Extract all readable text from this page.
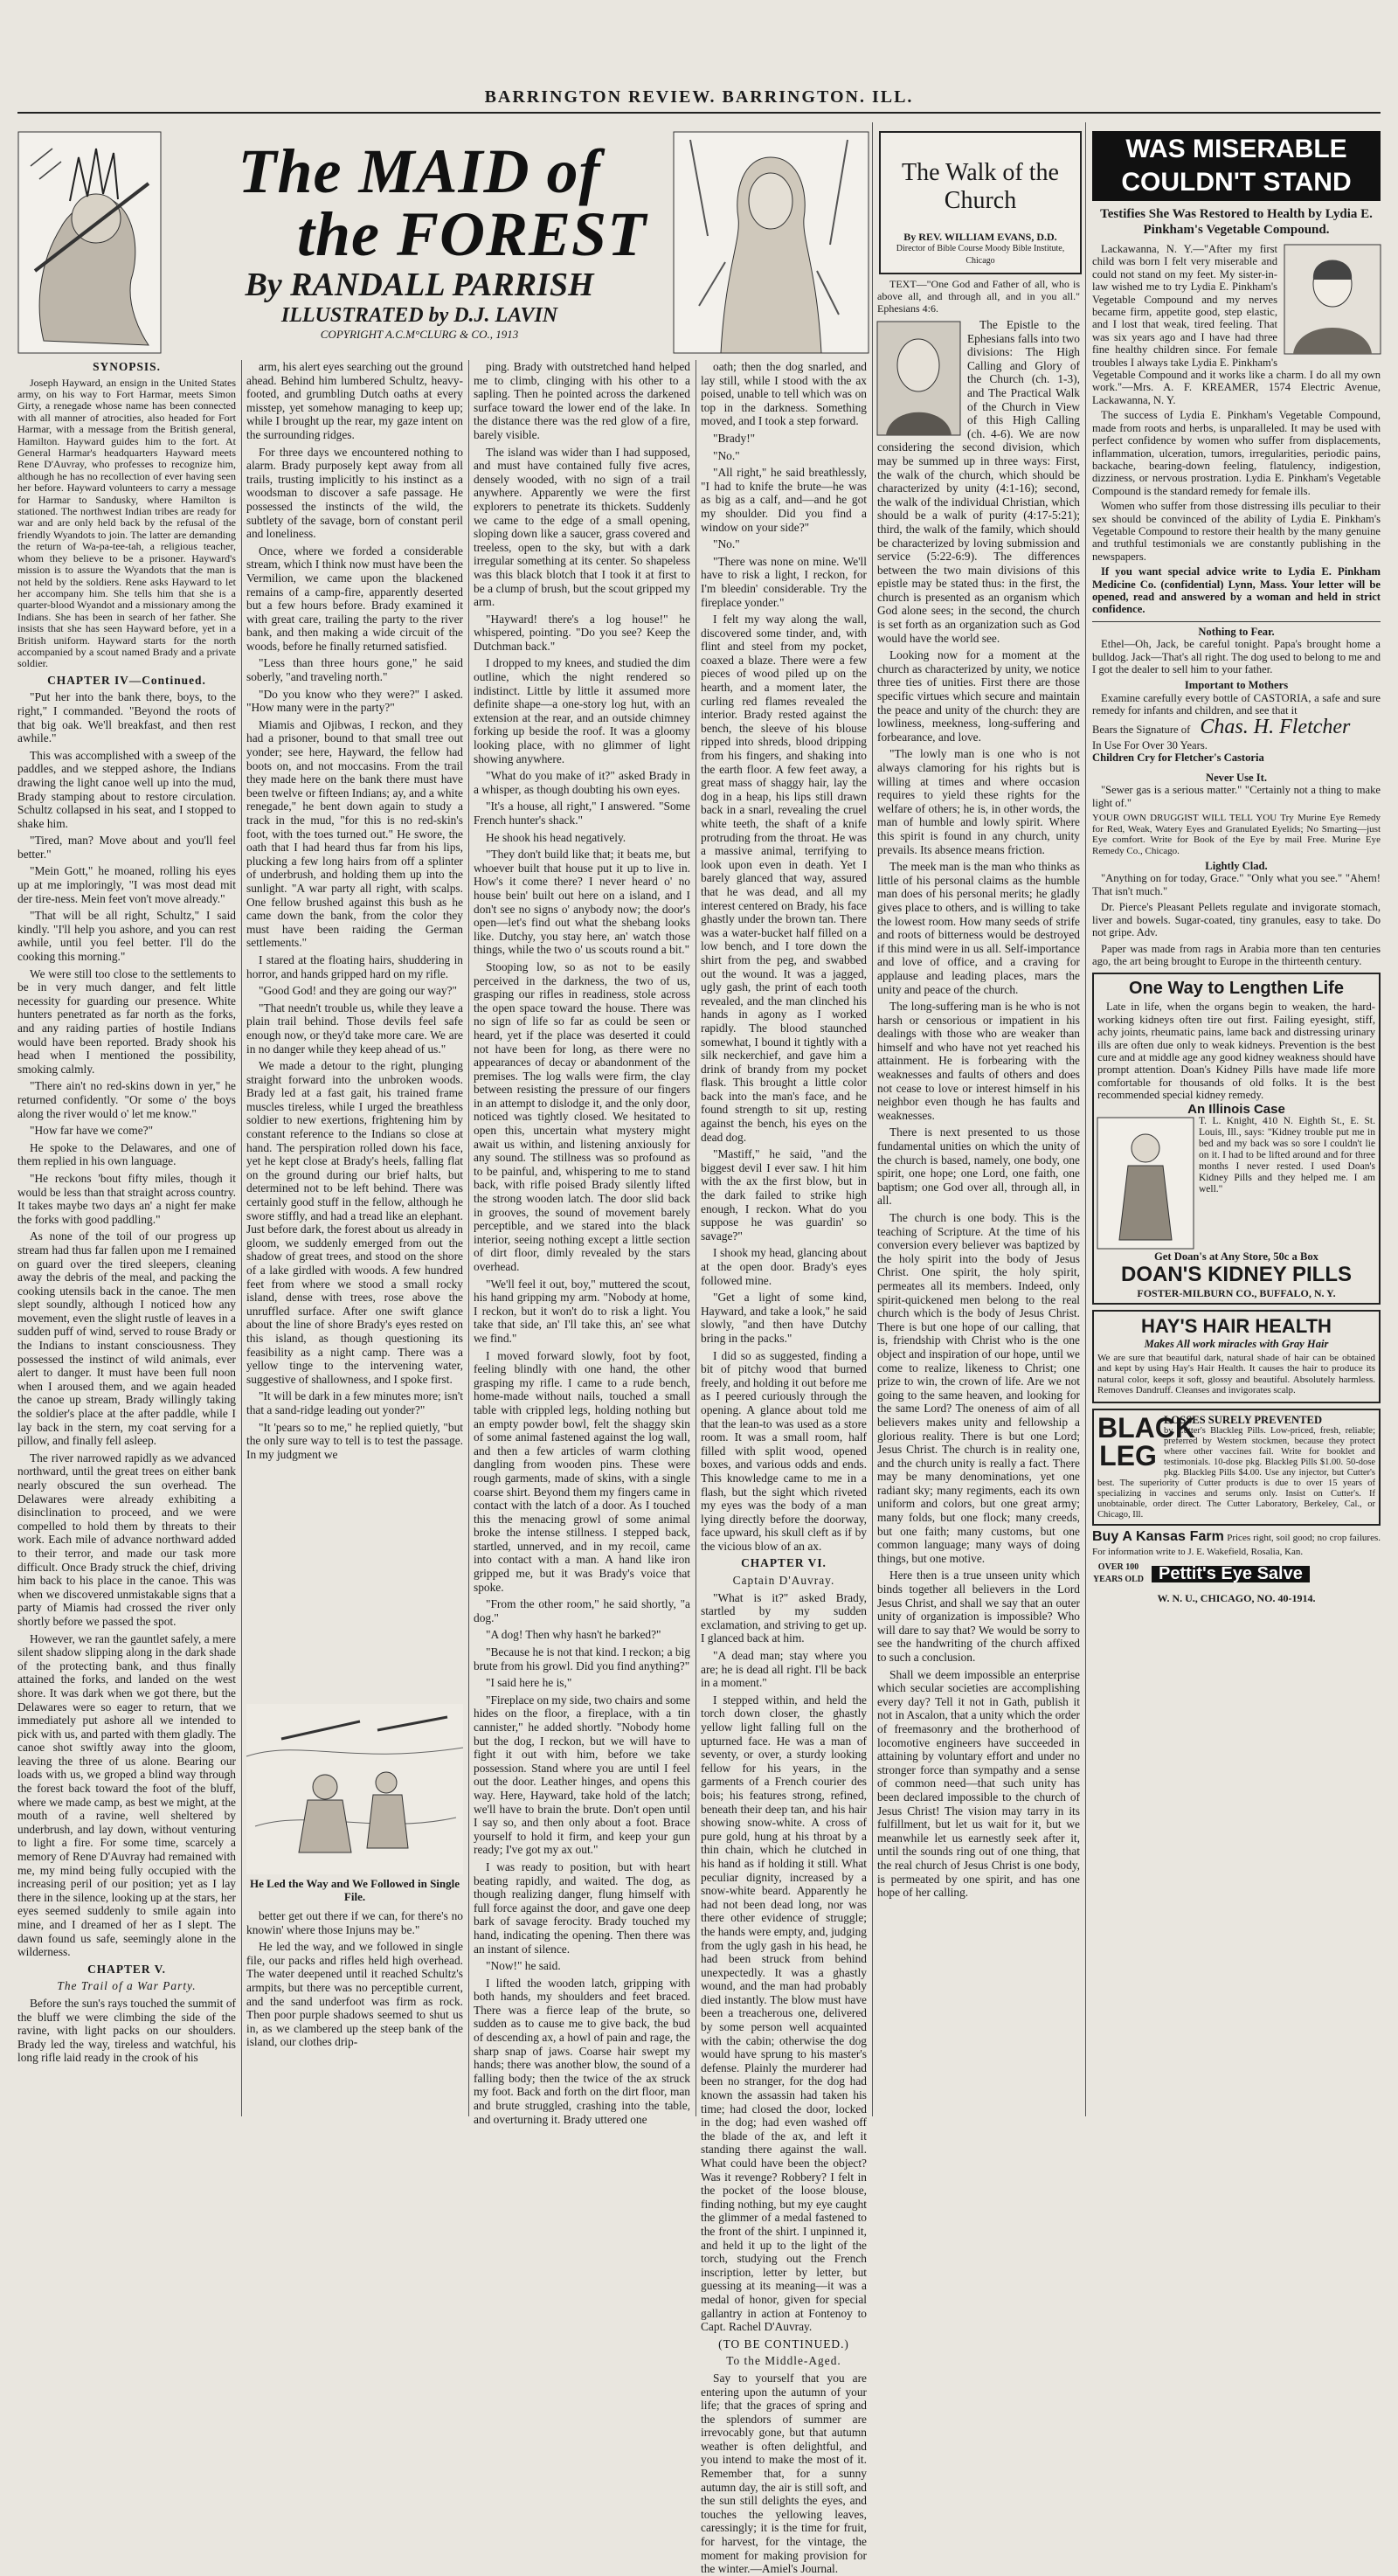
BARRINGTON REVIEW. BARRINGTON. ILL.
The MAID of
the FOREST
By RANDALL PARRISH
ILLUSTRATED by D.J. LAVIN
COPYRIGHT A.C.M°CLURG & CO., 1913

SYNOPSIS.

Joseph Hayward, an ensign in the United States army, on his way to Fort Harmar, meets Simon Girty, a renegade whose name has been connected with all manner of atrocities, also headed for Fort Harmar, with a message from the British general, Hamilton. Hayward guides him to the fort. At General Harmar's headquarters Hayward meets Rene D'Auvray, who professes to recognize him, although he has no recollection of ever having seen her before. Hayward volunteers to carry a message for Harmar to Sandusky, where Hamilton is stationed. The northwest Indian tribes are ready for war and are only held back by the refusal of the friendly Wyandots to join. The latter are demanding the return of Wa-pa-tee-tah, a religious teacher, whom they believe to be a prisoner. Hayward's mission is to assure the Wyandots that the man is not held by the soldiers. Rene asks Hayward to let her accompany him. She tells him that she is a quarter-blood Wyandot and a missionary among the Indians. She has been in search of her father. She insists that she has seen Hayward before, yet in a British uniform. Hayward starts for the north accompanied by a scout named Brady and a private soldier.

CHAPTER IV—Continued.

"Put her into the bank there, boys, to the right," I commanded. "Beyond the roots of that big oak. We'll breakfast, and then rest awhile."

This was accomplished with a sweep of the paddles, and we stepped ashore, the Indians drawing the light canoe well up into the mud, Brady stamping about to restore circulation. Schultz collapsed in his seat, and I stopped to shake him.

"Tired, man? Move about and you'll feel better."

"Mein Gott," he moaned, rolling his eyes up at me imploringly, "I was most dead mit der tire-ness. Mein feet von't move already."

"That will be all right, Schultz," I said kindly. "I'll help you ashore, and you can rest awhile, until you feel better. I'll do the cooking this morning."

We were still too close to the settlements to be in very much danger, and felt little necessity for guarding our presence. White hunters penetrated as far north as the forks, and any raiding parties of hostile Indians would have been reported. Brady shook his head when I mentioned the possibility, smoking calmly.

"There ain't no red-skins down in yer," he returned confidently. "Or some o' the boys along the river would o' let me know."

"How far have we come?"

He spoke to the Delawares, and one of them replied in his own language.

"He reckons 'bout fifty miles, though it would be less than that straight across country. It takes maybe two days an' a night fer make the forks with good paddling."

As none of the toil of our progress up stream had thus far fallen upon me I remained on guard over the tired sleepers, cleaning away the debris of the meal, and packing the cooking utensils back in the canoe. The men slept soundly, although I noticed how any movement, even the slight rustle of leaves in a sudden puff of wind, served to rouse Brady or the Indians to instant consciousness. They possessed the instinct of wild animals, ever alert to danger. It must have been full noon when I aroused them, and we again headed the canoe up stream, Brady willingly taking the soldier's place at the after paddle, while I lay back in the stern, my coat serving for a pillow, and finally fell asleep.

The river narrowed rapidly as we advanced northward, until the great trees on either bank nearly obscured the sun overhead. The Delawares were already exhibiting a disinclination to proceed, and we were compelled to hold them by threats to their work. Each mile of advance northward added to their terror, and made our task more difficult. Once Brady struck the chief, driving him back to his place in the canoe. This was when we discovered unmistakable signs that a party of Miamis had crossed the river only shortly before we passed the spot.

However, we ran the gauntlet safely, a mere silent shadow slipping along in the dark shade of the protecting bank, and thus finally attained the forks, and landed on the west shore. It was dark when we got there, but the Delawares were so eager to return, that we immediately put ashore all we intended to pick with us, and parted with them gladly. The canoe shot swiftly away into the gloom, leaving the three of us alone. Bearing our loads with us, we groped a blind way through the forest back toward the foot of the bluff, where we made camp, as best we might, at the mouth of a ravine, well sheltered by underbrush, and lay down, without venturing to light a fire. For some time, scarcely a memory of Rene D'Auvray had remained with me, my mind being fully occupied with the increasing peril of our position; yet as I lay there in the silence, looking up at the stars, her eyes seemed suddenly to smile again into mine, and I dreamed of her as I slept. The dawn found us safe, seemingly alone in the wilderness.

CHAPTER V.

The Trail of a War Party.

Before the sun's rays touched the summit of the bluff we were climbing the side of the ravine, with light packs on our shoulders. Brady led the way, tireless and watchful, his long rifle laid ready in the crook of his

arm, his alert eyes searching out the ground ahead. Behind him lumbered Schultz, heavy-footed, and grumbling Dutch oaths at every misstep, yet somehow managing to keep up; while I brought up the rear, my gaze intent on the surrounding ridges.

For three days we encountered nothing to alarm. Brady purposely kept away from all trails, trusting implicitly to his instinct as a woodsman to discover a safe passage. He possessed the instincts of the wild, the subtlety of the savage, born of constant peril and loneliness.

Once, where we forded a considerable stream, which I think now must have been the Vermilion, we came upon the blackened remains of a camp-fire, apparently deserted but a few hours before. Brady examined it with great care, trailing the party to the river bank, and then making a wide circuit of the woods, before he finally returned satisfied.

"Less than three hours gone," he said soberly, "and traveling north."

"Do you know who they were?" I asked. "How many were in the party?"

Miamis and Ojibwas, I reckon, and they had a prisoner, bound to that small tree out yonder; see here, Hayward, the fellow had boots on, and not moccasins. From the trail they made here on the bank there must have been twelve or fifteen Indians; ay, and a white renegade," he bent down again to study a track in the mud, "for this is no red-skin's foot, with the toes turned out." He swore, the oath that I had heard thus far from his lips, plucking a few long hairs from off a splinter of underbrush, and holding them up into the sunlight. "A war party all right, with scalps. One fellow brushed against this bush as he came down the bank, from the color they must have been raiding the German settlements."

I stared at the floating hairs, shuddering in horror, and hands gripped hard on my rifle.

"Good God! and they are going our way?"

"That needn't trouble us, while they leave a plain trail behind. Those devils feel safe enough now, or they'd take more care. We are in no danger while they keep ahead of us."

We made a detour to the right, plunging straight forward into the unbroken woods. Brady led at a fast gait, his trained frame muscles tireless, while I urged the breathless soldier to new exertions, frightening him by constant reference to the Indians so close at hand. The perspiration rolled down his face, yet he kept close at Brady's heels, falling flat on the ground during our brief halts, but determined not to be left behind. There was certainly good stuff in the fellow, although he swore stiffly, and had a tread like an elephant. Just before dark, the forest about us already in gloom, we suddenly emerged from out the shadow of great trees, and stood on the shore of a lake girdled with woods. A few hundred feet from where we stood a small rocky island, dense with trees, rose above the unruffled surface. After one swift glance about the line of shore Brady's eyes rested on this island, as though questioning its feasibility as a night camp. There was a yellow tinge to the intervening water, suggestive of shallowness, and I spoke first.

"It will be dark in a few minutes more; isn't that a sand-ridge leading out yonder?"

"It 'pears so to me," he replied quietly, "but the only sure way to tell is to test the passage. In my judgment we

He Led the Way and We Followed in Single File.

better get out there if we can, for there's no knowin' where those Injuns may be."

He led the way, and we followed in single file, our packs and rifles held high overhead. The water deepened until it reached Schultz's armpits, but there was no perceptible current, and the sand underfoot was firm as rock. Then poor purple shadows seemed to shut us in, as we clambered up the steep bank of the island, our clothes drip-

ping. Brady with outstretched hand helped me to climb, clinging with his other to a sapling. Then he pointed across the darkened surface toward the lower end of the lake. In the distance there was the red glow of a fire, barely visible.

The island was wider than I had supposed, and must have contained fully five acres, densely wooded, with no sign of a trail anywhere. Apparently we were the first explorers to penetrate its thickets. Suddenly we came to the edge of a small opening, sloping down like a saucer, grass covered and treeless, open to the sky, but with a dark irregular something at its center. So shapeless was this black blotch that I took it at first to be a clump of brush, but the scout gripped my arm.

"Hayward! there's a log house!" he whispered, pointing. "Do you see? Keep the Dutchman back."

I dropped to my knees, and studied the dim outline, which the night rendered so indistinct. Little by little it assumed more definite shape—a one-story log hut, with an extension at the rear, and an outside chimney forking up beside the roof. It was a gloomy looking place, with no glimmer of light showing anywhere.

"What do you make of it?" asked Brady in a whisper, as though doubting his own eyes.

"It's a house, all right," I answered. "Some French hunter's shack."

He shook his head negatively.

"They don't build like that; it beats me, but whoever built that house put it up to live in. How's it come there? I never heard o' no house bein' built out here on a island, and I don't see no signs o' anybody now; the door's open—let's find out what the shebang looks like. Dutchy, you stay here, an' watch those things, while the two o' us scouts round a bit."

Stooping low, so as not to be easily perceived in the darkness, the two of us, grasping our rifles in readiness, stole across the open space toward the house. There was no sign of life so far as could be seen or heard, yet if the place was deserted it could not have been for long, as there were no appearances of decay or abandonment of the premises. The log walls were firm, the clay between resisting the pressure of our fingers in an attempt to dislodge it, and the only door, noticed was tightly closed. We hesitated to open this, uncertain what mystery might await us within, and listening anxiously for any sound. The stillness was so profound as to be painful, and, whispering to me to stand back, with rifle poised Brady silently lifted the strong wooden latch. The door slid back in grooves, the sound of movement barely perceptible, and we stared into the black interior, seeing nothing except a little section of dirt floor, dimly revealed by the stars overhead.

"We'll feel it out, boy," muttered the scout, his hand gripping my arm. "Nobody at home, I reckon, but it won't do to risk a light. You take that side, an' I'll take this, an' see what we find."

I moved forward slowly, foot by foot, feeling blindly with one hand, the other grasping my rifle. I came to a rude bench, home-made without nails, touched a small table with crippled legs, holding nothing but an empty powder bowl, felt the shaggy skin of some animal fastened against the log wall, and then a few articles of warm clothing dangling from wooden pins. These were rough garments, made of skins, with a single coarse shirt. Beyond them my fingers came in contact with the latch of a door. As I touched this the menacing growl of some animal broke the intense stillness. I stepped back, startled, unnerved, and in my recoil, came into contact with a man. A hand like iron gripped me, but it was Brady's voice that spoke.

"From the other room," he said shortly, "a dog."

"A dog! Then why hasn't he barked?"

"Because he is not that kind. I reckon; a big brute from his growl. Did you find anything?"

"I said here he is,"

"Fireplace on my side, two chairs and some hides on the floor, a fireplace, with a tin cannister," he added shortly. "Nobody home but the dog, I reckon, but we will have to fight it out with him, before we take possession. Stand where you are until I feel out the door. Leather hinges, and opens this way. Here, Hayward, take hold of the latch; we'll have to brain the brute. Don't open until I say so, and then only about a foot. Brace yourself to hold it firm, and keep your gun ready; I've got my ax out."

I was ready to position, but with heart beating rapidly, and waited. The dog, as though realizing danger, flung himself with full force against the door, and gave one deep bark of savage ferocity. Brady touched my hand, indicating the opening. Then there was an instant of silence.

"Now!" he said.

I lifted the wooden latch, gripping with both hands, my shoulders and feet braced. There was a fierce leap of the brute, so sudden as to cause me to give back, the bud of descending ax, a howl of pain and rage, the sharp snap of jaws. Coarse hair swept my hands; there was another blow, the sound of a falling body; then the twice of the ax struck my foot. Back and forth on the dirt floor, man and brute struggled, crashing into the table, and overturning it. Brady uttered one

oath; then the dog snarled, and lay still, while I stood with the ax poised, unable to tell which was on top in the darkness. Something moved, and I took a step forward.

"Brady!"

"No."

"All right," he said breathlessly, "I had to knife the brute—he was as big as a calf, and—and he got my shoulder. Did you find a window on your side?"

"No."

"There was none on mine. We'll have to risk a light, I reckon, for I'm bleedin' considerable. Try the fireplace yonder."

I felt my way along the wall, discovered some tinder, and, with flint and steel from my pocket, coaxed a blaze. There were a few pieces of wood piled up on the hearth, and a moment later, the curling red flames revealed the interior. Brady rested against the bench, the sleeve of his blouse ripped into shreds, blood dripping from his fingers, and shaking into the earth floor. A few feet away, a great mass of shaggy hair, lay the dog in a heap, his lips still drawn back in a snarl, revealing the cruel white teeth, the shaft of a knife protruding from the throat. He was a massive animal, terrifying to look upon even in death. Yet I barely glanced that way, assured that he was dead, and all my interest centered on Brady, his face ghastly under the brown tan. There was a water-bucket half filled on a low bench, and I tore down the shirt from the peg, and swabbed out the wound. It was a jagged, ugly gash, the print of each tooth revealed, and the man clinched his hands in agony as I worked rapidly. The blood staunched somewhat, I bound it tightly with a silk neckerchief, and gave him a drink of brandy from my pocket flask. This brought a little color back into the man's face, and he found strength to sit up, resting against the bench, his eyes on the dead dog.

"Mastiff," he said, "and the biggest devil I ever saw. I hit him with the ax the first blow, but in the dark failed to strike high enough, I reckon. What do you suppose he was guardin' so savage?"

I shook my head, glancing about at the open door. Brady's eyes followed mine.

"Get a light of some kind, Hayward, and take a look," he said slowly, "and then have Dutchy bring in the packs."

I did so as suggested, finding a bit of pitchy wood that burned freely, and holding it out before me as I peered curiously through the opening. A glance about told me that the lean-to was used as a store room. It was a small room, half filled with split wood, opened boxes, and various odds and ends. This knowledge came to me in a flash, but the sight which riveted my eyes was the body of a man lying directly before the doorway, face upward, his skull cleft as if by the vicious blow of an ax.

CHAPTER VI.

Captain D'Auvray.

"What is it?" asked Brady, startled by my sudden exclamation, and striving to get up. I glanced back at him.

"A dead man; stay where you are; he is dead all right. I'll be back in a moment."

I stepped within, and held the torch down closer, the ghastly yellow light falling full on the upturned face. He was a man of seventy, or over, a sturdy looking fellow for his years, in the garments of a French courier des bois; his features strong, refined, beneath their deep tan, and his hair showing snow-white. A cross of pure gold, hung at his throat by a thin chain, which he clutched in his hand as if holding it still. What peculiar dignity, increased by a snow-white beard. Apparently he had not been dead long, nor was there other evidence of struggle; the hands were empty, and, judging from the ugly gash in his head, he had been struck from behind unexpectedly. It was a ghastly wound, and the man had probably died instantly. The blow must have been a treacherous one, delivered by some person well acquainted with the cabin; otherwise the dog would have sprung to his master's defense. Plainly the murderer had been no stranger, for the dog had known the assassin had taken his time; had closed the door, locked in the dog; had even washed off the blade of the ax, and left it standing there against the wall. What could have been the object? Was it revenge? Robbery? I felt in the pocket of the loose blouse, finding nothing, but my eye caught the glimmer of a medal fastened to the front of the shirt. I unpinned it, and held it up to the light of the torch, studying out the French inscription, letter by letter, but guessing at its meaning—it was a medal of honor, given for special gallantry in action at Fontenoy to Capt. Rachel D'Auvray.

(TO BE CONTINUED.)

To the Middle-Aged.

Say to yourself that you are entering upon the autumn of your life; that the graces of spring and the splendors of summer are irrevocably gone, but that autumn weather is often delightful, and you intend to make the most of it. Remember that, for a sunny autumn day, the air is still soft, and the sun still delights the eyes, and touches the yellowing leaves, caressingly; it is the time for fruit, for harvest, for the vintage, the moment for making provision for the winter.—Amiel's Journal.

The Walk of the Church
By REV. WILLIAM EVANS, D.D.
Director of Bible Course Moody Bible Institute, Chicago

TEXT—"One God and Father of all, who is above all, and through all, and in you all." Ephesians 4:6.

The Epistle to the Ephesians falls into two divisions: The High Calling and Glory of the Church (ch. 1-3), and The Practical Walk of the Church in View of this High Calling (ch. 4-6). We are now considering the second division, which may be summed up in three ways: First, the walk of the church, which should be characterized by unity (4:1-16); second, the walk of the individual Christian, which should be a walk of purity (4:17-5:21); third, the walk of the family, which should be characterized by loving submission and service (5:22-6:9). The differences between the two main divisions of this epistle may be stated thus: in the first, the church is presented as an organism which God alone sees; in the second, the church is set forth as an organization such as God would have the world see.

Looking now for a moment at the church as characterized by unity, we notice three ties of unities. First there are those specific virtues which secure and maintain the peace and unity of the church: they are lowliness, meekness, long-suffering and forbearance, and love.

"The lowly man is one who is not always clamoring for his rights but is willing at times and where occasion requires to yield these rights for the welfare of others; he is, in other words, the man of humble and lowly spirit. Where this spirit is found in any church, unity prevails. Its absence means friction.

The meek man is the man who thinks as little of his personal claims as the humble man does of his personal merits; he gladly gives place to others, and is willing to take the lowest room. How many seeds of strife and roots of bitterness would be destroyed if this mind were in us all. Self-importance and love of office, and a craving for applause and leading places, mars the unity and peace of the church.

The long-suffering man is he who is not harsh or censorious or impatient in his dealings with those who are weaker than himself and who have not yet reached his attainment. He is forbearing with the weaknesses and faults of others and does not cease to love or interest himself in his neighbor even though he has faults and weaknesses.

There is next presented to us those fundamental unities on which the unity of the church is based, namely, one body, one spirit, one hope; one Lord, one faith, one baptism; one God over all, through all, in all.

The church is one body. This is the teaching of Scripture. At the time of his conversion every believer was baptized by the holy spirit into the body of Jesus Christ. One spirit, the holy spirit, permeates all its members. Indeed, only spirit-quickened men belong to the real church which is the body of Jesus Christ. There is but one hope of our calling, that is, friendship with Christ who is the one object and inspiration of our hope, until we come to realize, likeness to Christ; one prize to win, the crown of life. Are we not going to the same heaven, and looking for the same Lord? The oneness of aim of all believers makes unity and fellowship a glorious reality. There is but one Lord; Jesus Christ. The church is in reality one, and the church unity is really a fact. There may be many denominations, yet one radiant sky; many regiments, each its own uniform and colors, but one great army; many folds, but one flock; many creeds, but one faith; many customs, but one common language; many ways of doing things, but one motive.

Here then is a true unseen unity which binds together all believers in the Lord Jesus Christ, and shall we say that an outer unity of organization is impossible? Who will dare to say that? We would be sorry to see the handwriting of the church affixed to such a conclusion.

Shall we deem impossible an enterprise which secular societies are accomplishing every day? Tell it not in Gath, publish it not in Ascalon, that a unity which the order of freemasonry and the brotherhood of locomotive engineers have succeeded in attaining by voluntary effort and under no stronger force than sympathy and a sense of common need—that such unity has been declared impossible to the church of Jesus Christ! The vision may tarry in its fulfillment, but let us wait for it, but we meanwhile let us earnestly seek after it, until the sounds ring out of one thing, that the real church of Jesus Christ is one body, is permeated by one spirit, and has one hope of her calling.

WAS MISERABLE
COULDN'T STAND
Testifies She Was Restored to Health by Lydia E. Pinkham's Vegetable Compound.

Lackawanna, N. Y.—"After my first child was born I felt very miserable and could not stand on my feet. My sister-in-law wished me to try Lydia E. Pinkham's Vegetable Compound and my nerves became firm, appetite good, step elastic, and I lost that weak, tired feeling. That was six years ago and I have had three fine healthy children since. For female troubles I always take Lydia E. Pinkham's Vegetable Compound and it works like a charm. I do all my own work."—Mrs. A. F. KREAMER, 1574 Electric Avenue, Lackawanna, N. Y.

The success of Lydia E. Pinkham's Vegetable Compound, made from roots and herbs, is unparalleled. It may be used with perfect confidence by women who suffer from displacements, inflammation, ulceration, tumors, irregularities, periodic pains, backache, bearing-down feeling, flatulency, indigestion, dizziness, or nervous prostration. Lydia E. Pinkham's Vegetable Compound is the standard remedy for female ills.

Women who suffer from those distressing ills peculiar to their sex should be convinced of the ability of Lydia E. Pinkham's Vegetable Compound to restore their health by the many genuine and truthful testimonials we are constantly publishing in the newspapers.

If you want special advice write to Lydia E. Pinkham Medicine Co. (confidential) Lynn, Mass. Your letter will be opened, read and answered by a woman and held in strict confidence.

Nothing to Fear.

Ethel—Oh, Jack, be careful tonight. Papa's brought home a bulldog. Jack—That's all right. The dog used to belong to me and I got the dealer to sell him to your father.

Important to Mothers

Examine carefully every bottle of CASTORIA, a safe and sure remedy for infants and children, and see that it

Bears the Signature of Chas. H. Fletcher
In Use For Over 30 Years.
Children Cry for Fletcher's Castoria
Never Use It.

"Sewer gas is a serious matter." "Certainly not a thing to make light of."

YOUR OWN DRUGGIST WILL TELL YOU Try Murine Eye Remedy for Red, Weak, Watery Eyes and Granulated Eyelids; No Smarting—just Eye comfort. Write for Book of the Eye by mail Free. Murine Eye Remedy Co., Chicago.

Lightly Clad.

"Anything on for today, Grace." "Only what you see." "Ahem! That isn't much."

Dr. Pierce's Pleasant Pellets regulate and invigorate stomach, liver and bowels. Sugar-coated, tiny granules, easy to take. Do not gripe. Adv.

Paper was made from rags in Arabia more than ten centuries ago, the art being brought to Europe in the thirteenth century.

One Way to Lengthen Life

Late in life, when the organs begin to weaken, the hard-working kidneys often tire out first. Failing eyesight, stiff, achy joints, rheumatic pains, lame back and distressing urinary ills are often due only to weak kidneys. Prevention is the best cure and at middle age any good kidney weakness should have prompt attention. Doan's Kidney Pills have made life more comfortable for thousands of old folks. It is the best recommended special kidney remedy.

An Illinois Case

T. L. Knight, 410 N. Eighth St., E. St. Louis, Ill., says: "Kidney trouble put me in bed and my back was so sore I couldn't lie on it. I had to be lifted around and for three months I never rested. I used Doan's Kidney Pills and they helped me. I am well."

Get Doan's at Any Store, 50c a Box
DOAN'S KIDNEY PILLS
FOSTER-MILBURN CO., BUFFALO, N. Y.
HAY'S HAIR HEALTH
Makes All work miracles with Gray Hair

We are sure that beautiful dark, natural shade of hair can be obtained and kept by using Hay's Hair Health. It causes the hair to produce its natural color, keeps it soft, glossy and beautiful. Absolutely harmless. Removes Dandruff. Cleanses and invigorates scalp.

BLACK
LEG
LOSSES SURELY PREVENTED

by Cutter's Blackleg Pills. Low-priced, fresh, reliable; preferred by Western stockmen, because they protect where other vaccines fail. Write for booklet and testimonials. 10-dose pkg. Blackleg Pills $1.00. 50-dose pkg. Blackleg Pills $4.00. Use any injector, but Cutter's best. The superiority of Cutter products is due to over 15 years of specializing in vaccines and serums only. Insist on Cutter's. If unobtainable, order direct. The Cutter Laboratory, Berkeley, Cal., or Chicago, Ill.

Buy A Kansas Farm Prices right, soil good; no crop failures. For information write to J. E. Wakefield, Rosalia, Kan.
OVER 100 YEARS OLD Pettit's Eye Salve
W. N. U., CHICAGO, NO. 40-1914.
